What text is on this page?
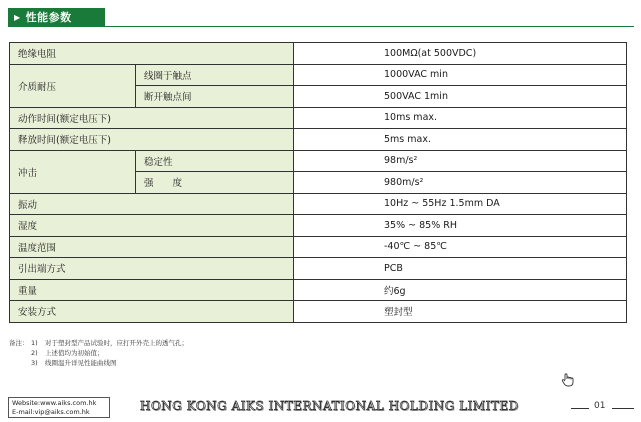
▶ 性能参数
绝缘电阻		100MΩ(at 500VDC)
介质耐压	线圈于触点	1000VAC min
	断开触点间	500VAC 1min
动作时间(额定电压下)		10ms max.
释放时间(额定电压下)		5ms max.
冲击	稳定性	98m/s²
	强　　度	980m/s²
振动		10Hz ~ 55Hz 1.5mm DA
湿度		35% ~ 85% RH
温度范围		-40℃ ~ 85℃
引出端方式		PCB
重量		约6g
安装方式		塑封型
备注： 1)	对于塑封型产品试验时，应打开外壳上的透气孔；
2)	上述值均为初始值；
3)	线圈温升详见性能曲线图
Website:www.aiks.com.hk
E-mail:vip@aiks.com.hk	HONG KONG AIKS INTERNATIONAL HOLDING LIMITED	01
